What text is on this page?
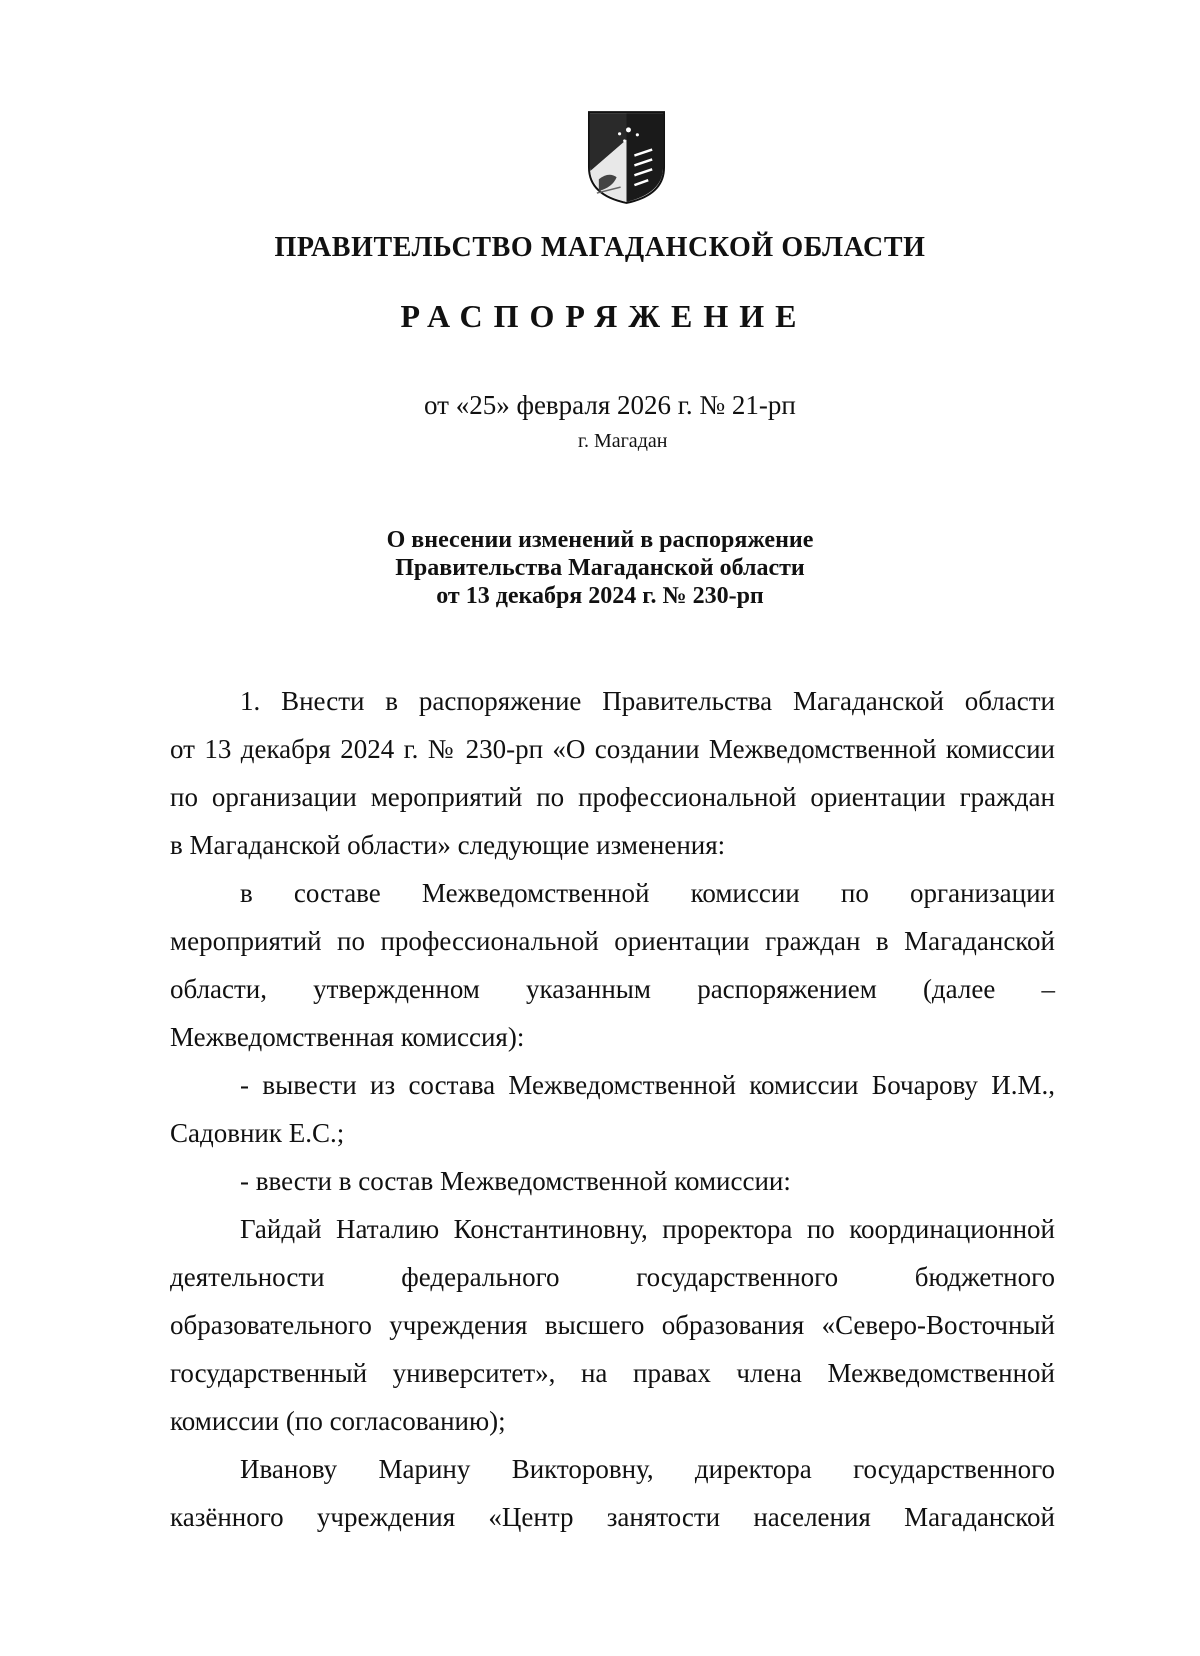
ПРАВИТЕЛЬСТВО МАГАДАНСКОЙ ОБЛАСТИ
РАСПОРЯЖЕНИЕ
от «25» февраля 2026 г. № 21-рп
г. Магадан
О внесении изменений в распоряжение
Правительства Магаданской области
от 13 декабря 2024 г. № 230-рп
1. Внести в распоряжение Правительства Магаданской области
от 13 декабря 2024 г. № 230-рп «О создании Межведомственной комиссии
по организации мероприятий по профессиональной ориентации граждан
в Магаданской области» следующие изменения:
в составе Межведомственной комиссии по организации
мероприятий по профессиональной ориентации граждан в Магаданской
области, утвержденном указанным распоряжением (далее –
Межведомственная комиссия):
- вывести из состава Межведомственной комиссии Бочарову И.М.,
Садовник Е.С.;
- ввести в состав Межведомственной комиссии:
Гайдай Наталию Константиновну, проректора по координационной
деятельности федерального государственного бюджетного
образовательного учреждения высшего образования «Северо-Восточный
государственный университет», на правах члена Межведомственной
комиссии (по согласованию);
Иванову Марину Викторовну, директора государственного
казённого учреждения «Центр занятости населения Магаданской
